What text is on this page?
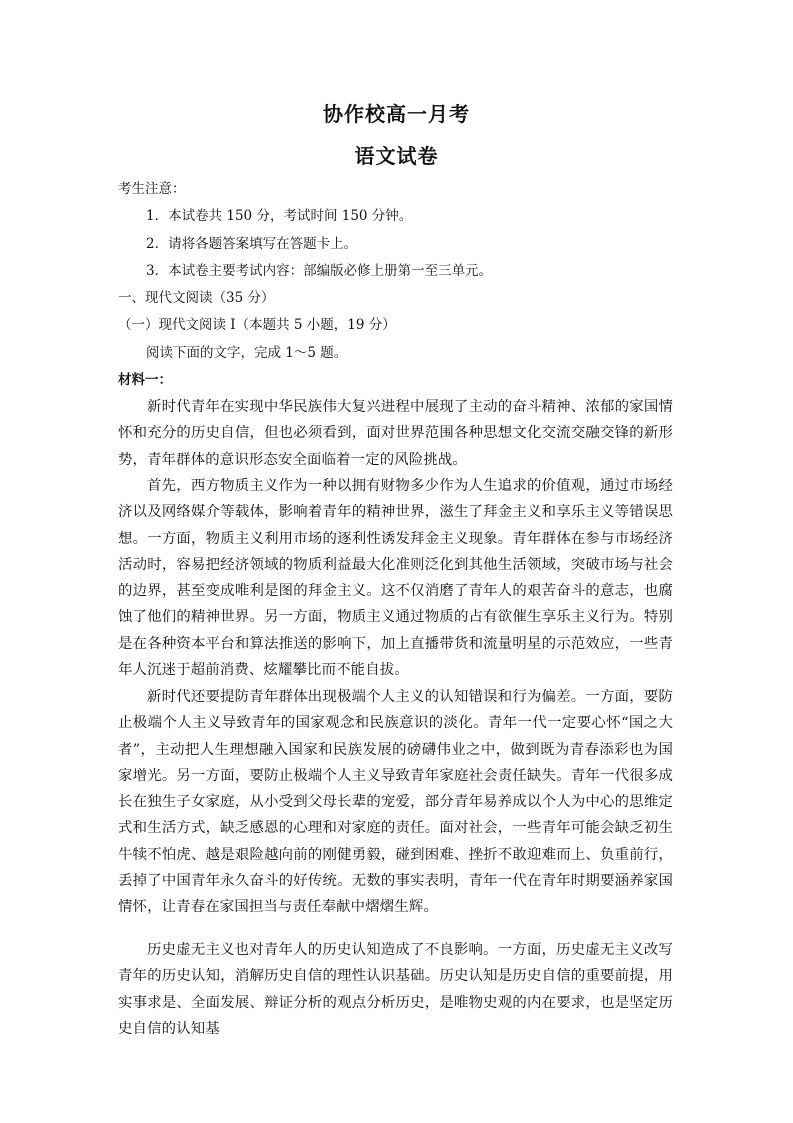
协作校高一月考
语文试卷
考生注意：
1．本试卷共 150 分，考试时间 150 分钟。
2．请将各题答案填写在答题卡上。
3．本试卷主要考试内容：部编版必修上册第一至三单元。
一、现代文阅读（35 分）
（一）现代文阅读 I（本题共 5 小题，19 分）
阅读下面的文字，完成 1～5 题。
材料一：
新时代青年在实现中华民族伟大复兴进程中展现了主动的奋斗精神、浓郁的家国情怀和充分的历史自信，但也必须看到，面对世界范围各种思想文化交流交融交锋的新形势，青年群体的意识形态安全面临着一定的风险挑战。
首先，西方物质主义作为一种以拥有财物多少作为人生追求的价值观，通过市场经济以及网络媒介等载体，影响着青年的精神世界，滋生了拜金主义和享乐主义等错误思想。一方面，物质主义利用市场的逐利性诱发拜金主义现象。青年群体在参与市场经济活动时，容易把经济领域的物质利益最大化准则泛化到其他生活领域，突破市场与社会的边界，甚至变成唯利是图的拜金主义。这不仅消磨了青年人的艰苦奋斗的意志，也腐蚀了他们的精神世界。另一方面，物质主义通过物质的占有欲催生享乐主义行为。特别是在各种资本平台和算法推送的影响下，加上直播带货和流量明星的示范效应，一些青年人沉迷于超前消费、炫耀攀比而不能自拔。
新时代还要提防青年群体出现极端个人主义的认知错误和行为偏差。一方面，要防止极端个人主义导致青年的国家观念和民族意识的淡化。青年一代一定要心怀“国之大者”，主动把人生理想融入国家和民族发展的磅礴伟业之中，做到既为青春添彩也为国家增光。另一方面，要防止极端个人主义导致青年家庭社会责任缺失。青年一代很多成长在独生子女家庭，从小受到父母长辈的宠爱，部分青年易养成以个人为中心的思维定式和生活方式，缺乏感恩的心理和对家庭的责任。面对社会，一些青年可能会缺乏初生牛犊不怕虎、越是艰险越向前的刚健勇毅，碰到困难、挫折不敢迎难而上、负重前行，丢掉了中国青年永久奋斗的好传统。无数的事实表明，青年一代在青年时期要涵养家国情怀，让青春在家国担当与责任奉献中熠熠生辉。
历史虚无主义也对青年人的历史认知造成了不良影响。一方面，历史虚无主义改写青年的历史认知，消解历史自信的理性认识基础。历史认知是历史自信的重要前提，用实事求是、全面发展、辩证分析的观点分析历史，是唯物史观的内在要求，也是坚定历史自信的认知基
